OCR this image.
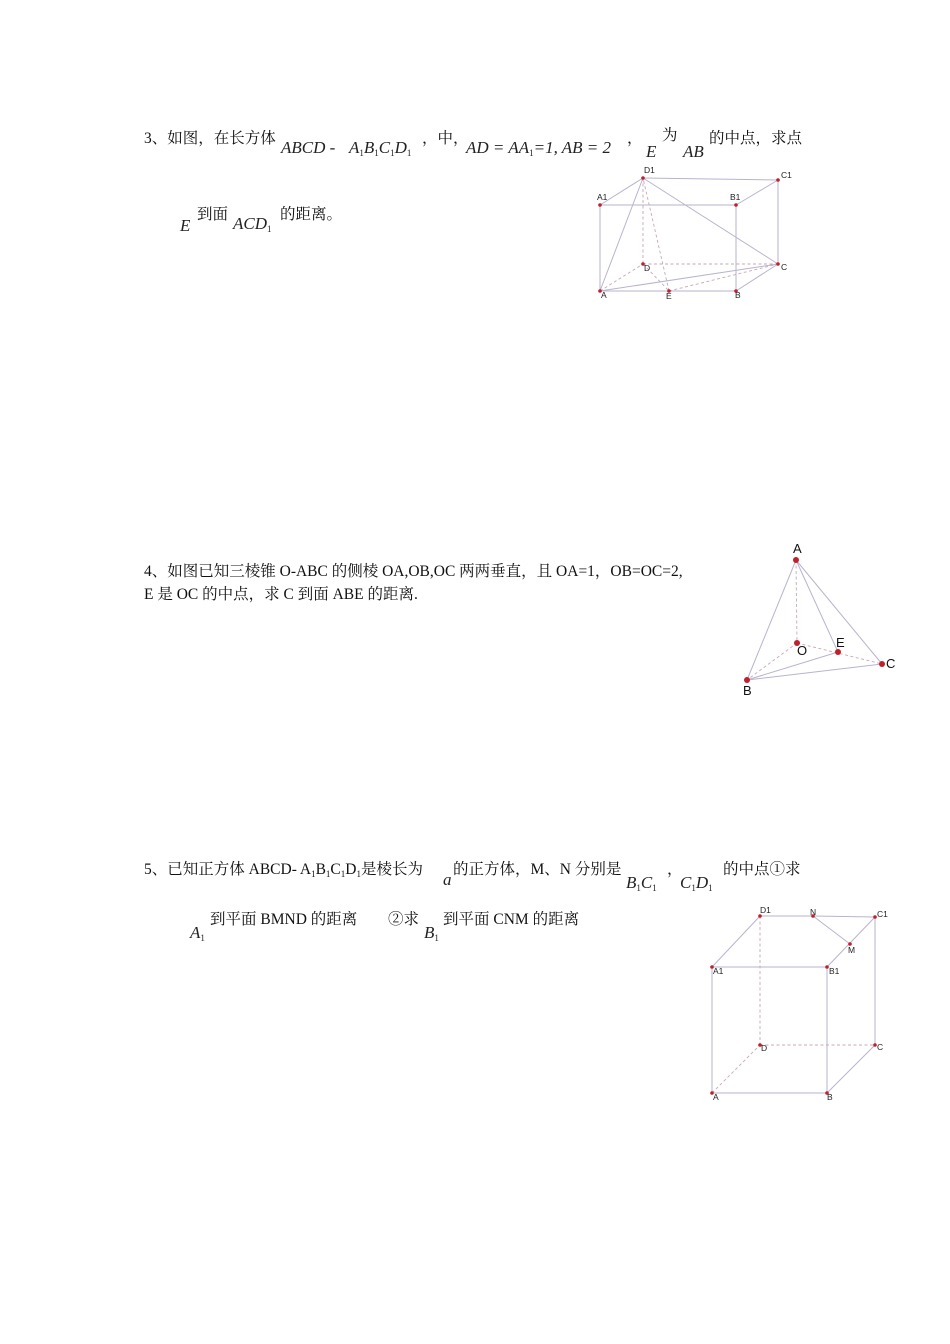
3、如图，在长方体 ABCD - $A_1B_1C_1D_1$
，中，
AD = $AA_1=1$, AB = 2 ，
E
为
AB
的中点，求点
E
到面 $ACD_1$
的距离。
D1	C1
A1	B1
D	C
A	E	B
A
O
E
C
B
D1	N	C1
M
A1	B1
D	C
A	B
4、如图已知三棱锥 O-ABC 的侧棱 OA,OB,OC 两两垂直，且 OA=1，OB=OC=2,
E 是 OC 的中点，求 C 到面 ABE 的距离.
5、已知正方体 ABCD- $A_1B_1C_1D_1$是棱长为
a
的正方体，M、N 分别是
$B_1C_1$
，
$C_1D_1$
的中点①求
$A_1$
到平面 BMND 的距离 ②求
$B_1$
到平面 CNM 的距离
